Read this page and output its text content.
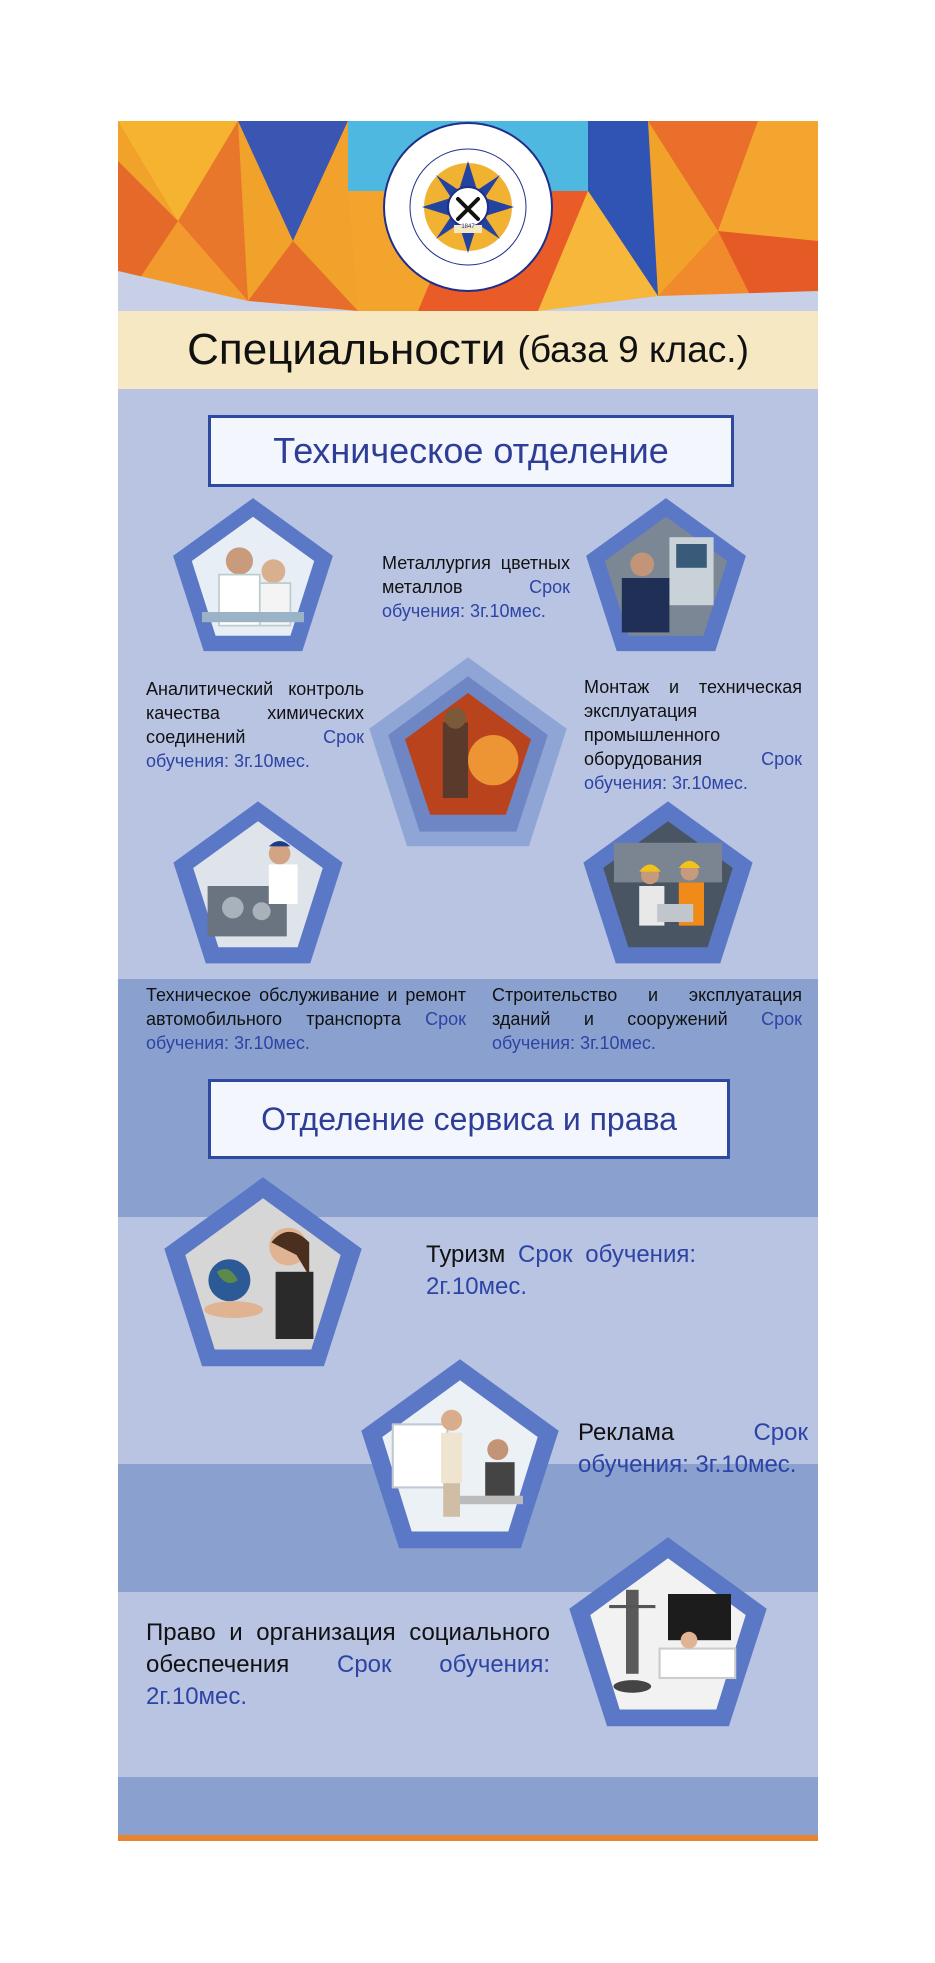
1847
Специальности (база 9 клас.)
Техническое отделение
Металлургия цветных металлов	Срок обучения: 3г.10мес.
Аналитический контроль качества химических соединений	Срок обучения: 3г.10мес.
Монтаж и техническая эксплуатация промышленного оборудования	Срок обучения: 3г.10мес.
Техническое обслуживание и ремонт автомобильного транспорта Срок обучения: 3г.10мес.
Строительство и эксплуатация зданий и сооружений Срок обучения: 3г.10мес.
Отделение сервиса и права
Туризм Срок обучения: 2г.10мес.
Реклама	Срок обучения: 3г.10мес.
Право и организация социального обеспечения Срок обучения: 2г.10мес.
